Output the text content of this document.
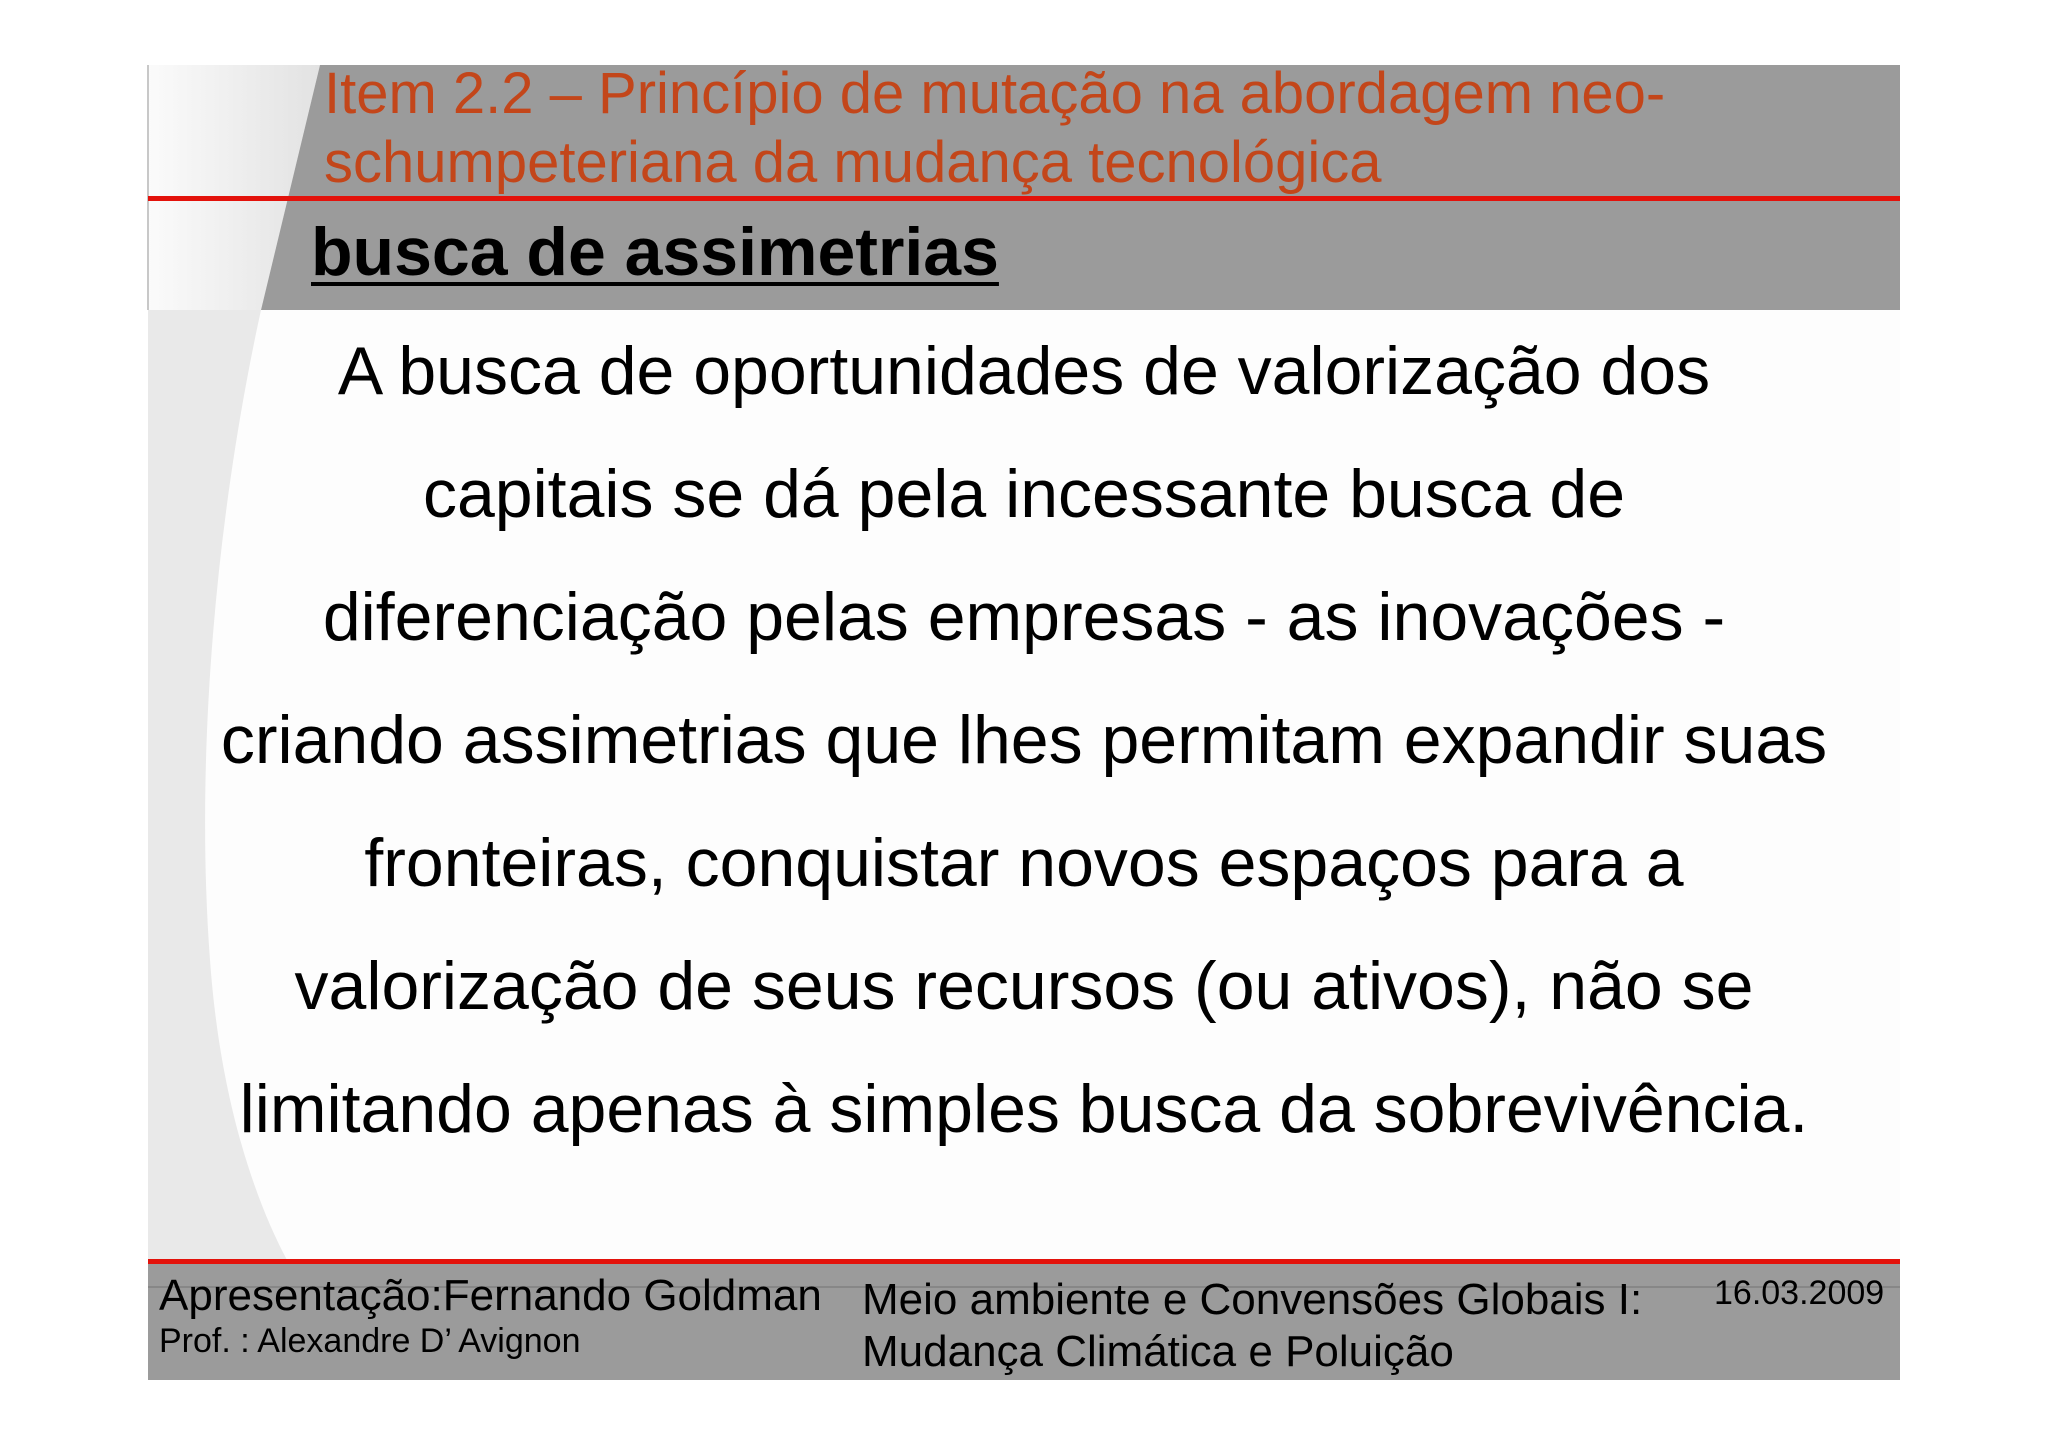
Item 2.2 – Princípio de mutação na abordagem neo-

schumpeteriana da mudança tecnológica

busca de assimetrias
A busca de oportunidades de valorização dos
capitais se dá pela incessante busca de
diferenciação pelas empresas - as inovações -
criando assimetrias que lhes permitam expandir suas
fronteiras, conquistar novos espaços para a
valorização de seus recursos (ou ativos), não se
limitando apenas à simples busca da sobrevivência.
Apresentação:Fernando Goldman
Prof. : Alexandre D’ Avignon
Meio ambiente e Convensões Globais I:
Mudança Climática e Poluição
16.03.2009
